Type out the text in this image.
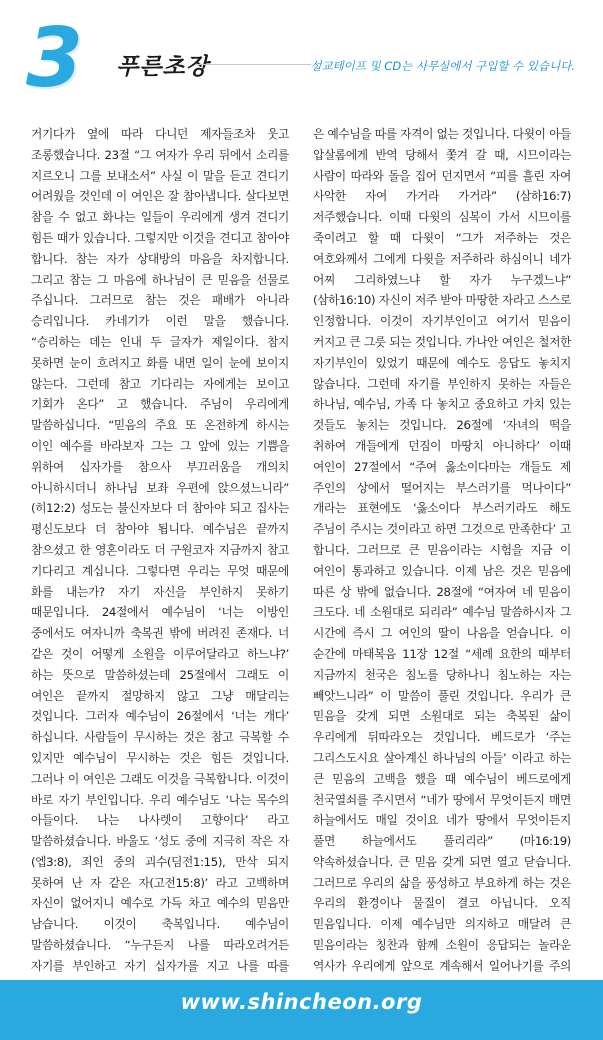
3 푸른초장	설교테이프 및 CD는 사무실에서 구입할 수 있습니다.

거기다가 옆에 따라 다니던 제자들조차 웃고 조롱했습니다. 23절 “그 여자가 우리 뒤에서 소리를 지르오니 그를 보내소서” 사실 이 말을 듣고 견디기 어려웠을 것인데 이 여인은 잘 참아냅니다. 살다보면 참을 수 없고 화나는 일들이 우리에게 생겨 견디기 힘든 때가 있습니다. 그렇지만 이것을 견디고 참아야 합니다. 참는 자가 상대방의 마음을 차지합니다. 그리고 참는 그 마음에 하나님이 큰 믿음을 선물로 주십니다. 그러므로 참는 것은 패배가 아니라 승리입니다. 카네기가 이런 말을 했습니다. “승리하는 데는 인내 두 글자가 제일이다. 참지 못하면 눈이 흐려지고 화를 내면 일이 눈에 보이지 않는다. 그런데 참고 기다리는 자에게는 보이고 기회가 온다” 고 했습니다. 주님이 우리에게 말씀하십니다. “믿음의 주요 또 온전하게 하시는 이인 예수를 바라보자 그는 그 앞에 있는 기쁨을 위하여 십자가를 참으사 부끄러움을 개의치 아니하시더니 하나님 보좌 우편에 앉으셨느니라” (히12:2) 성도는 불신자보다 더 참아야 되고 집사는 평신도보다 더 참아야 됩니다. 예수님은 끝까지 참으셨고 한 영혼이라도 더 구원코자 지금까지 참고 기다리고 계십니다. 그렇다면 우리는 무엇 때문에 화를 내는가? 자기 자신을 부인하지 못하기 때문입니다. 24절에서 예수님이 ‘너는 이방인 중에서도 여자니까 축복권 밖에 버려진 존재다. 너 같은 것이 어떻게 소원을 이루어달라고 하느냐?’ 하는 뜻으로 말씀하셨는데 25절에서 그래도 이 여인은 끝까지 절망하지 않고 그냥 매달리는 것입니다. 그러자 예수님이 26절에서 ‘너는 개다’ 하십니다. 사람들이 무시하는 것은 참고 극복할 수 있지만 예수님이 무시하는 것은 힘든 것입니다. 그러나 이 여인은 그래도 이것을 극복합니다. 이것이 바로 자기 부인입니다. 우리 예수님도 ‘나는 목수의 아들이다. 나는 나사렛이 고향이다’ 라고 말씀하셨습니다. 바울도 ‘성도 중에 지극히 작은 자(엡3:8), 죄인 중의 괴수(딤전1:15), 만삭 되지 못하여 난 자 같은 자(고전15:8)’ 라고 고백하며 자신이 없어지니 예수로 가득 차고 예수의 믿음만 남습니다. 이것이 축복입니다. 예수님이 말씀하셨습니다. “누구든지 나를 따라오려거든 자기를 부인하고 자기 십자가를 지고 나를 따를

은 예수님을 따를 자격이 없는 것입니다. 다윗이 아들 압살롬에게 반역 당해서 쫓겨 갈 때, 시므이라는 사람이 따라와 돌을 집어 던지면서 “피를 흘린 자여 사악한 자여 가거라 가거라” (삼하16:7) 저주했습니다. 이때 다윗의 심복이 가서 시므이를 죽이려고 할 때 다윗이 “그가 저주하는 것은 여호와께서 그에게 다윗을 저주하라 하심이니 네가 어찌 그리하였느냐 할 자가 누구겠느냐” (삼하16:10) 자신이 저주 받아 마땅한 자라고 스스로 인정합니다. 이것이 자기부인이고 여기서 믿음이 커지고 큰 그릇 되는 것입니다. 가나안 여인은 철저한 자기부인이 있었기 때문에 예수도 응답도 놓치지 않습니다. 그런데 자기를 부인하지 못하는 자들은 하나님, 예수님, 가족 다 놓치고 중요하고 가치 있는 것들도 놓치는 것입니다. 26절에 ‘자녀의 떡을 취하여 개들에게 던짐이 마땅치 아니하다’ 이때 여인이 27절에서 “주여 옳소이다마는 개들도 제 주인의 상에서 떨어지는 부스러기를 먹나이다” 개라는 표현에도 ‘옳소이다 부스러기라도 해도 주님이 주시는 것이라고 하면 그것으로 만족한다’ 고 합니다. 그러므로 큰 믿음이라는 시험을 지금 이 여인이 통과하고 있습니다. 이제 남은 것은 믿음에 따른 상 밖에 없습니다. 28절에 “여자여 네 믿음이 크도다. 네 소원대로 되리라” 예수님 말씀하시자 그 시간에 즉시 그 여인의 딸이 나음을 얻습니다. 이 순간에 마태복음 11장 12절 “세례 요한의 때부터 지금까지 천국은 침노를 당하나니 침노하는 자는 빼앗느니라” 이 말씀이 풀린 것입니다. 우리가 큰 믿음을 갖게 되면 소원대로 되는 축복된 삶이 우리에게 뒤따라오는 것입니다. 베드로가 ‘주는 그리스도시요 살아계신 하나님의 아들’ 이라고 하는 큰 믿음의 고백을 했을 때 예수님이 베드로에게 천국열쇠를 주시면서 “네가 땅에서 무엇이든지 매면 하늘에서도 매일 것이요 네가 땅에서 무엇이든지 풀면 하늘에서도 풀리리라” (마16:19) 약속하셨습니다. 큰 믿음 갖게 되면 열고 닫습니다. 그러므로 우리의 삶을 풍성하고 부요하게 하는 것은 우리의 환경이나 물질이 결코 아닙니다. 오직 믿음입니다. 이제 예수님만 의지하고 매달려 큰 믿음이라는 칭찬과 함께 소원이 응답되는 놀라운 역사가 우리에게 앞으로 계속해서 일어나기를 주의

www.shincheon.org
